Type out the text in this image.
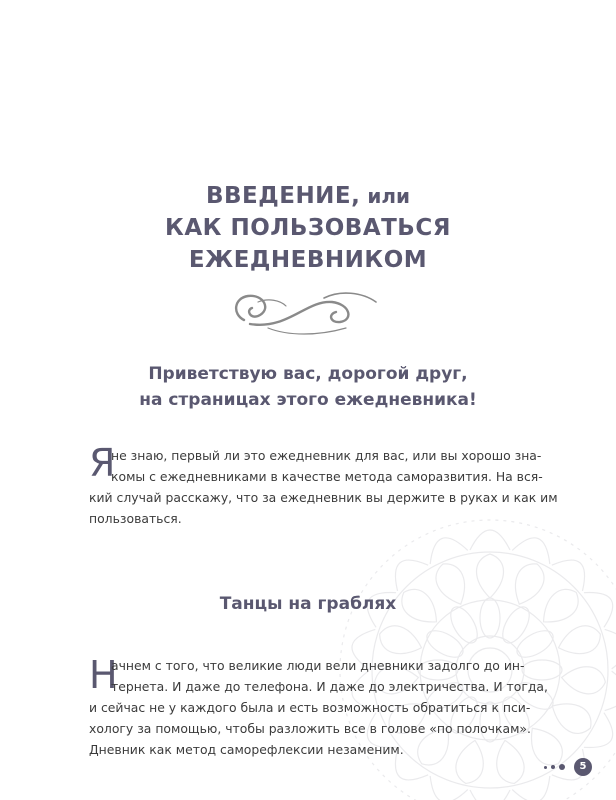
ВВЕДЕНИЕ, или
КАК ПОЛЬЗОВАТЬСЯ
ЕЖЕДНЕВНИКОМ
Приветствую вас, дорогой друг,
на страницах этого ежедневника!
Я
не знаю, первый ли это ежедневник для вас, или вы хорошо зна-
комы с ежедневниками в качестве метода саморазвития. На вся-
кий случай расскажу, что за ежедневник вы держите в руках и как им
пользоваться.
Танцы на граблях
Н
ачнем с того, что великие люди вели дневники задолго до ин-
тернета. И даже до телефона. И даже до электричества. И тогда,
и сейчас не у каждого была и есть возможность обратиться к пси-
хологу за помощью, чтобы разложить все в голове «по полочкам».
Дневник как метод саморефлексии незаменим.
5
